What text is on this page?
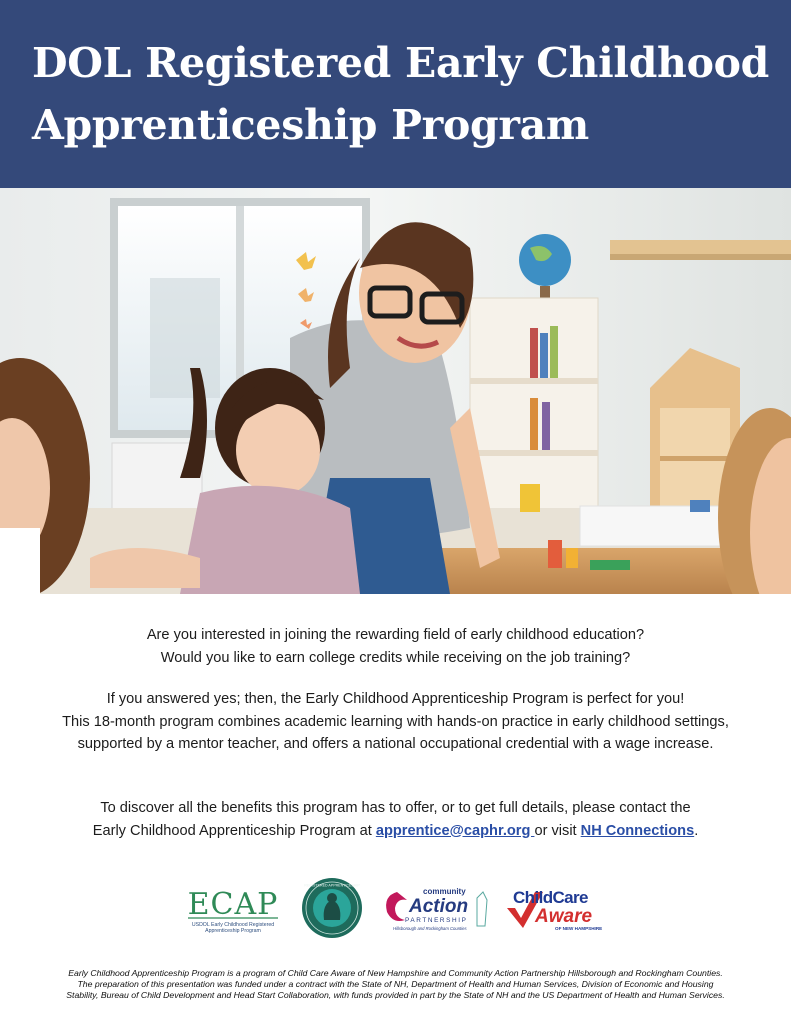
DOL Registered Early Childhood
Apprenticeship Program
Are you interested in joining the rewarding field of early childhood education?
Would you like to earn college credits while receiving on the job training?
If you answered yes; then, the Early Childhood Apprenticeship Program is perfect for you!
This 18-month program combines academic learning with hands-on practice in early childhood settings,
supported by a mentor teacher, and offers a national occupational credential with a wage increase.
To discover all the benefits this program has to offer, or to get full details, please contact the
Early Childhood Apprenticeship Program at apprentice@caphr.org or visit NH Connections.
ECAP
USDOL Early Childhood Registered
Apprenticeship Program
REGISTERED APPRENTICESHIP
community
Action
PARTNERSHIP
Hillsborough and Rockingham Counties
ChildCare
Aware
OF NEW HAMPSHIRE
Early Childhood Apprenticeship Program is a program of Child Care Aware of New Hampshire and Community Action Partnership Hillsborough and Rockingham Counties.
The preparation of this presentation was funded under a contract with the State of NH, Department of Health and Human Services, Division of Economic and Housing
Stability, Bureau of Child Development and Head Start Collaboration, with funds provided in part by the State of NH and the US Department of Health and Human Services.
